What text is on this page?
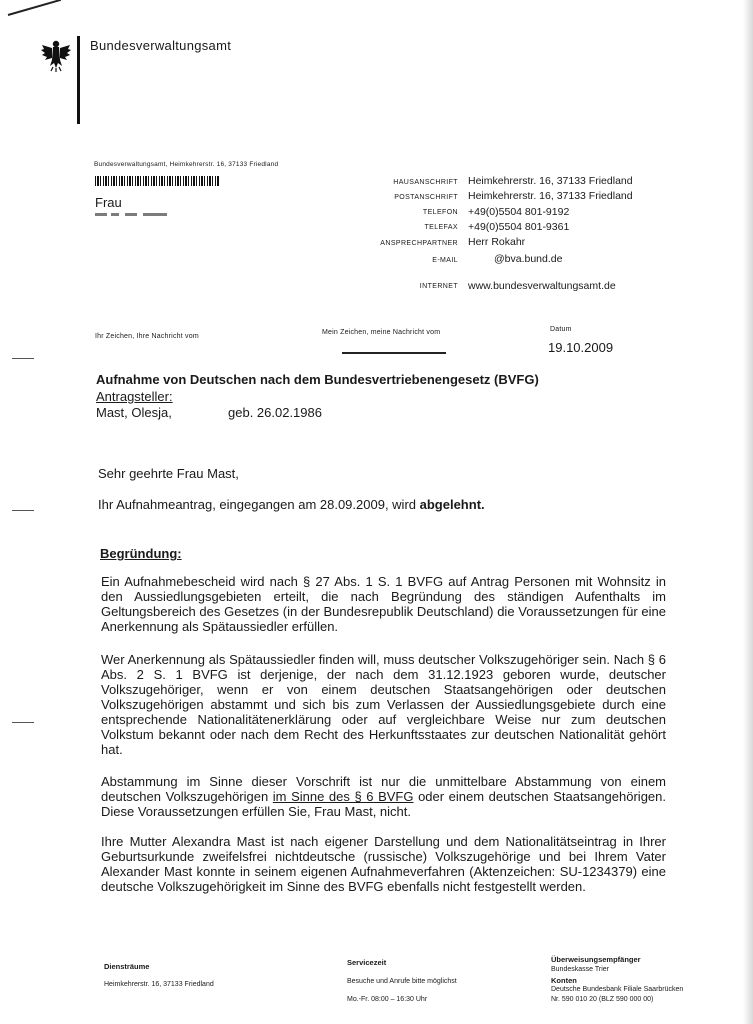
Bundesverwaltungsamt
Bundesverwaltungsamt, Heimkehrerstr. 16, 37133 Friedland
Frau
HAUSANSCHRIFT Heimkehrerstr. 16, 37133 Friedland
POSTANSCHRIFT Heimkehrerstr. 16, 37133 Friedland
TELEFON +49(0)5504 801-9192
TELEFAX +49(0)5504 801-9361
ANSPRECHPARTNER Herr Rokahr
E-MAIL	@bva.bund.de
INTERNET www.bundesverwaltungsamt.de
Ihr Zeichen, Ihre Nachricht vom
Mein Zeichen, meine Nachricht vom	Datum
19.10.2009
Aufnahme von Deutschen nach dem Bundesvertriebenengesetz (BVFG)
Antragsteller:
Mast, Olesja,	geb. 26.02.1986
Sehr geehrte Frau Mast,
Ihr Aufnahmeantrag, eingegangen am 28.09.2009, wird abgelehnt.
Begründung:
Ein Aufnahmebescheid wird nach § 27 Abs. 1 S. 1 BVFG auf Antrag Personen mit Wohnsitz in den Aussiedlungsgebieten erteilt, die nach Begründung des ständigen Aufenthalts im Geltungsbereich des Gesetzes (in der Bundesrepublik Deutschland) die Voraussetzungen für eine Anerkennung als Spätaussiedler erfüllen.
Wer Anerkennung als Spätaussiedler finden will, muss deutscher Volkszugehöriger sein. Nach § 6 Abs. 2 S. 1 BVFG ist derjenige, der nach dem 31.12.1923 geboren wurde, deutscher Volkszugehöriger, wenn er von einem deutschen Staatsangehörigen oder deutschen Volkszugehörigen abstammt und sich bis zum Verlassen der Aussiedlungsgebiete durch eine entsprechende Nationalitätenerklärung oder auf vergleichbare Weise nur zum deutschen Volkstum bekannt oder nach dem Recht des Herkunftsstaates zur deutschen Nationalität gehört hat.
Abstammung im Sinne dieser Vorschrift ist nur die unmittelbare Abstammung von einem deutschen Volkszugehörigen im Sinne des § 6 BVFG oder einem deutschen Staatsangehörigen. Diese Voraussetzungen erfüllen Sie, Frau Mast, nicht.
Ihre Mutter Alexandra Mast ist nach eigener Darstellung und dem Nationalitätseintrag in Ihrer Geburtsurkunde zweifelsfrei nichtdeutsche (russische) Volkszugehörige und bei Ihrem Vater Alexander Mast konnte in seinem eigenen Aufnahmeverfahren (Aktenzeichen: SU-1234379) eine deutsche Volkszugehörigkeit im Sinne des BVFG ebenfalls nicht festgestellt werden.
Diensträume
Heimkehrerstr. 16, 37133 Friedland
Servicezeit
Besuche und Anrufe bitte möglichst
Mo.-Fr. 08:00 – 16:30 Uhr
Überweisungsempfänger
Bundeskasse Trier
Konten
Deutsche Bundesbank Filiale Saarbrücken
Nr. 590 010 20 (BLZ 590 000 00)
